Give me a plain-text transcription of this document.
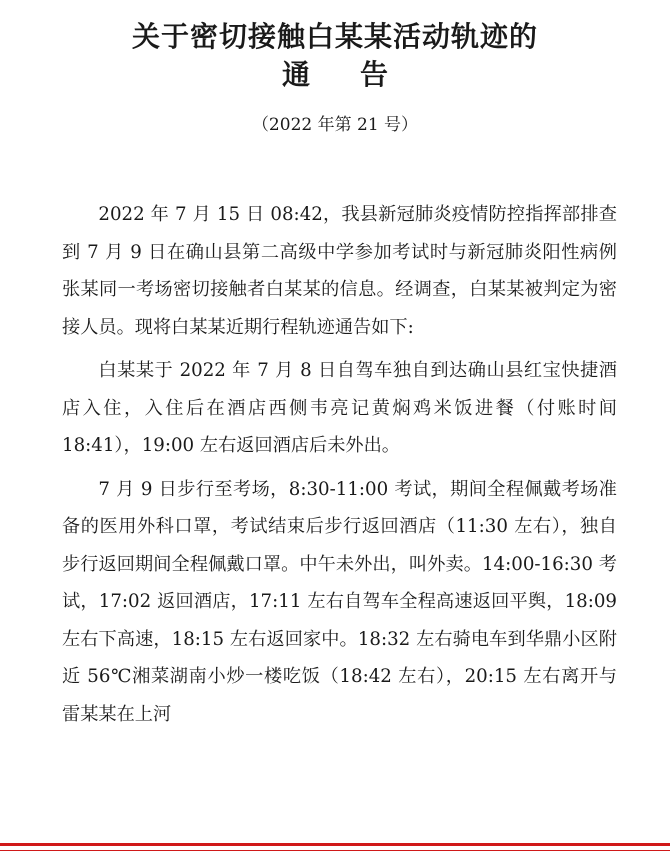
关于密切接触白某某活动轨迹的
通告

（2022 年第 21 号）

2022 年 7 月 15 日 08:42，我县新冠肺炎疫情防控指挥部排查到 7 月 9 日在确山县第二高级中学参加考试时与新冠肺炎阳性病例张某同一考场密切接触者白某某的信息。经调查，白某某被判定为密接人员。现将白某某近期行程轨迹通告如下:

白某某于 2022 年 7 月 8 日自驾车独自到达确山县红宝快捷酒店入住，入住后在酒店西侧韦亮记黄焖鸡米饭进餐（付账时间 18:41），19:00 左右返回酒店后未外出。

7 月 9 日步行至考场，8:30-11:00 考试，期间全程佩戴考场准备的医用外科口罩，考试结束后步行返回酒店（11:30 左右），独自步行返回期间全程佩戴口罩。中午未外出，叫外卖。14:00-16:30 考试，17:02 返回酒店，17:11 左右自驾车全程高速返回平舆，18:09 左右下高速，18:15 左右返回家中。18:32 左右骑电车到华鼎小区附近 56℃湘菜湖南小炒一楼吃饭（18:42 左右），20:15 左右离开与雷某某在上河
